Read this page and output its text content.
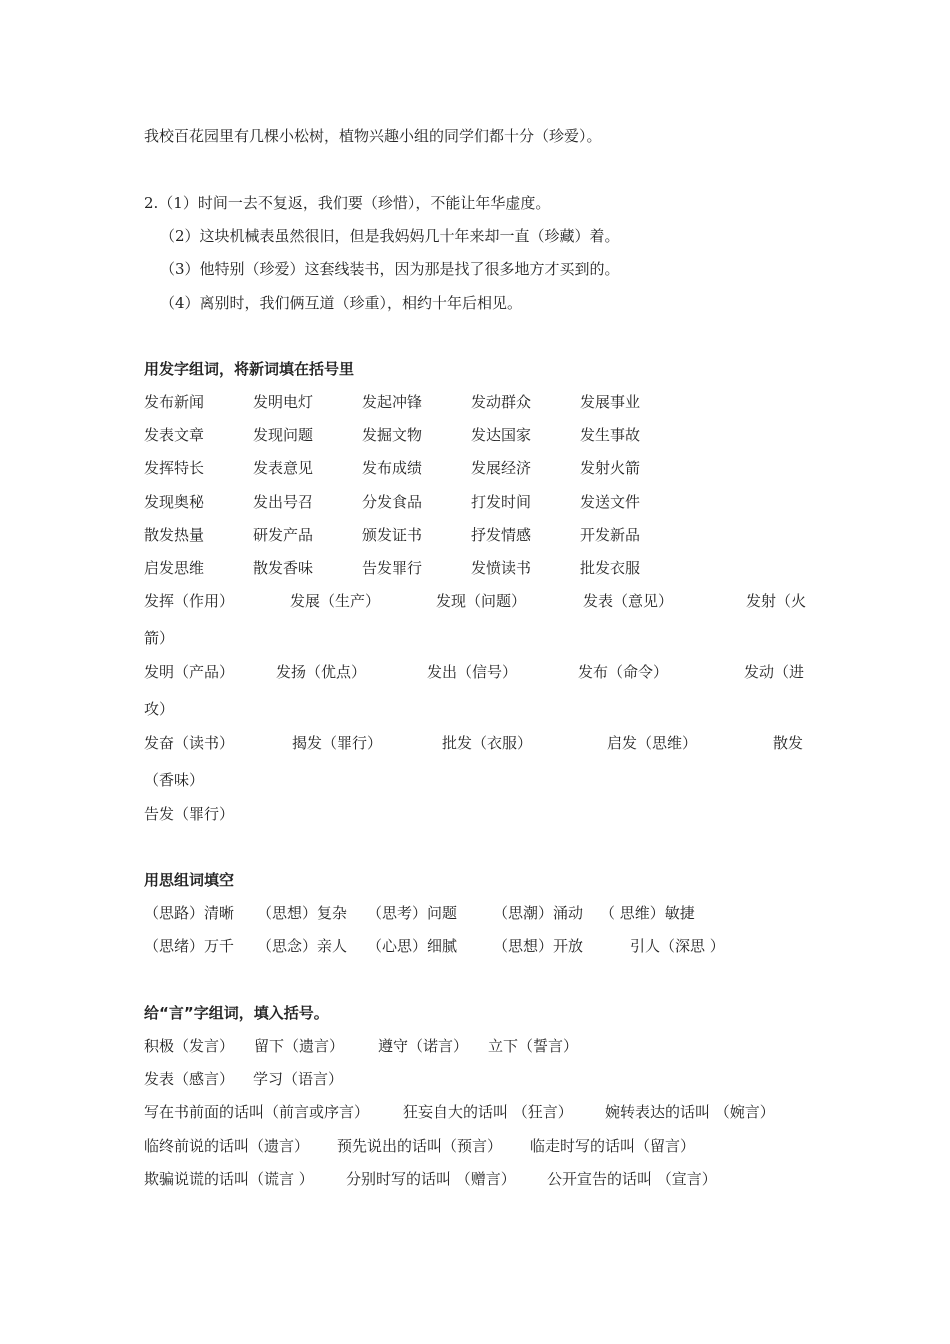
我校百花园里有几棵小松树，植物兴趣小组的同学们都十分（珍爱）。
2.（1）时间一去不复返，我们要（珍惜），不能让年华虚度。
（2）这块机械表虽然很旧，但是我妈妈几十年来却一直（珍藏）着。
（3）他特别（珍爱）这套线装书，因为那是找了很多地方才买到的。
（4）离别时，我们俩互道（珍重），相约十年后相见。
用发字组词，将新词填在括号里
发布新闻	发明电灯	发起冲锋	发动群众	发展事业
发表文章	发现问题	发掘文物	发达国家	发生事故
发挥特长	发表意见	发布成绩	发展经济	发射火箭
发现奥秘	发出号召	分发食品	打发时间	发送文件
散发热量	研发产品	颁发证书	抒发情感	开发新品
启发思维	散发香味	告发罪行	发愤读书	批发衣服
发挥（作用）	发展（生产）	发现（问题）	发表（意见）	发射（火
箭）
发明（产品）	发扬（优点）	发出（信号）	发布（命令）	发动（进
攻）
发奋（读书）	揭发（罪行）	批发（衣服）	启发（思维）	散发
（香味）
告发（罪行）
用思组词填空
（思路）清晰 （思想）复杂 （思考）问题 （思潮）涌动 （ 思维）敏捷
（思绪）万千 （思念）亲人 （心思）细腻 （思想）开放	引人（深思 ）
给“言”字组词，填入括号。
积极（发言） 留下（遗言） 遵守（诺言） 立下（誓言）
发表（感言） 学习（语言）
写在书前面的话叫（前言或序言） 狂妄自大的话叫 （狂言） 婉转表达的话叫 （婉言）
临终前说的话叫（遗言） 预先说出的话叫（预言） 临走时写的话叫（留言）
欺骗说谎的话叫（谎言 ） 分别时写的话叫 （赠言） 公开宣告的话叫 （宣言）
